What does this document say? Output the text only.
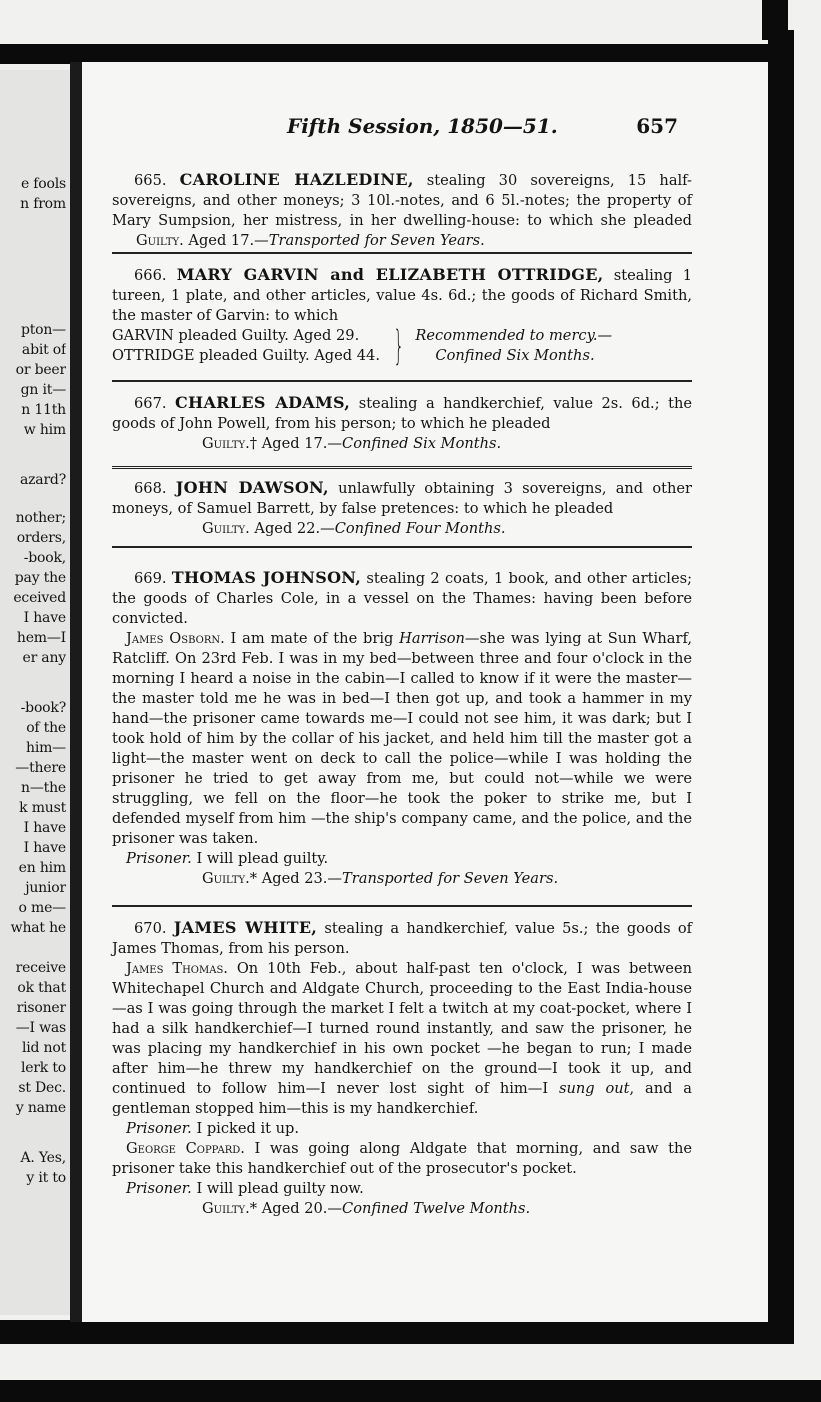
e fools
n from
pton—
abit of
or beer
gn it—
n 11th
w him
azard?
nother;
orders,
-book,
pay the
eceived
I have
hem—I
er any
-book?
of the
him—
—there
n—the
k must
I have
I have
en him
junior
o me—
what he
receive
ok that
risoner
—I was
lid not
lerk to
st Dec.
y name
A. Yes,
y it to
Fifth Session, 1850—51.	657

665. CAROLINE HAZLEDINE, stealing 30 sovereigns, 15 half-sovereigns, and other moneys; 3 10l.-notes, and 6 5l.-notes; the property of Mary Sumpsion, her mistress, in her dwelling-house: to which she pleaded Guilty. Aged 17.—Transported for Seven Years.

666. MARY GARVIN and ELIZABETH OTTRIDGE, stealing 1 tureen, 1 plate, and other articles, value 4s. 6d.; the goods of Richard Smith, the master of Garvin: to which

GARVIN pleaded Guilty. Aged 29.
OTTRIDGE pleaded Guilty. Aged 44. } Recommended to mercy.—
Confined Six Months.

667. CHARLES ADAMS, stealing a handkerchief, value 2s. 6d.; the goods of John Powell, from his person; to which he pleaded

Guilty.† Aged 17.—Confined Six Months.

668. JOHN DAWSON, unlawfully obtaining 3 sovereigns, and other moneys, of Samuel Barrett, by false pretences: to which he pleaded

Guilty. Aged 22.—Confined Four Months.

669. THOMAS JOHNSON, stealing 2 coats, 1 book, and other articles; the goods of Charles Cole, in a vessel on the Thames: having been before convicted.

James Osborn. I am mate of the brig Harrison—she was lying at Sun Wharf, Ratcliff. On 23rd Feb. I was in my bed—between three and four o'clock in the morning I heard a noise in the cabin—I called to know if it were the master—the master told me he was in bed—I then got up, and took a hammer in my hand—the prisoner came towards me—I could not see him, it was dark; but I took hold of him by the collar of his jacket, and held him till the master got a light—the master went on deck to call the police—while I was holding the prisoner he tried to get away from me, but could not—while we were struggling, we fell on the floor—he took the poker to strike me, but I defended myself from him —the ship's company came, and the police, and the prisoner was taken.

Prisoner. I will plead guilty.

Guilty.* Aged 23.—Transported for Seven Years.

670. JAMES WHITE, stealing a handkerchief, value 5s.; the goods of James Thomas, from his person.

James Thomas. On 10th Feb., about half-past ten o'clock, I was between Whitechapel Church and Aldgate Church, proceeding to the East India-house—as I was going through the market I felt a twitch at my coat-pocket, where I had a silk handkerchief—I turned round instantly, and saw the prisoner, he was placing my handkerchief in his own pocket —he began to run; I made after him—he threw my handkerchief on the ground—I took it up, and continued to follow him—I never lost sight of him—I sung out, and a gentleman stopped him—this is my handkerchief.

Prisoner. I picked it up.

George Coppard. I was going along Aldgate that morning, and saw the prisoner take this handkerchief out of the prosecutor's pocket.

Prisoner. I will plead guilty now.

Guilty.* Aged 20.—Confined Twelve Months.
